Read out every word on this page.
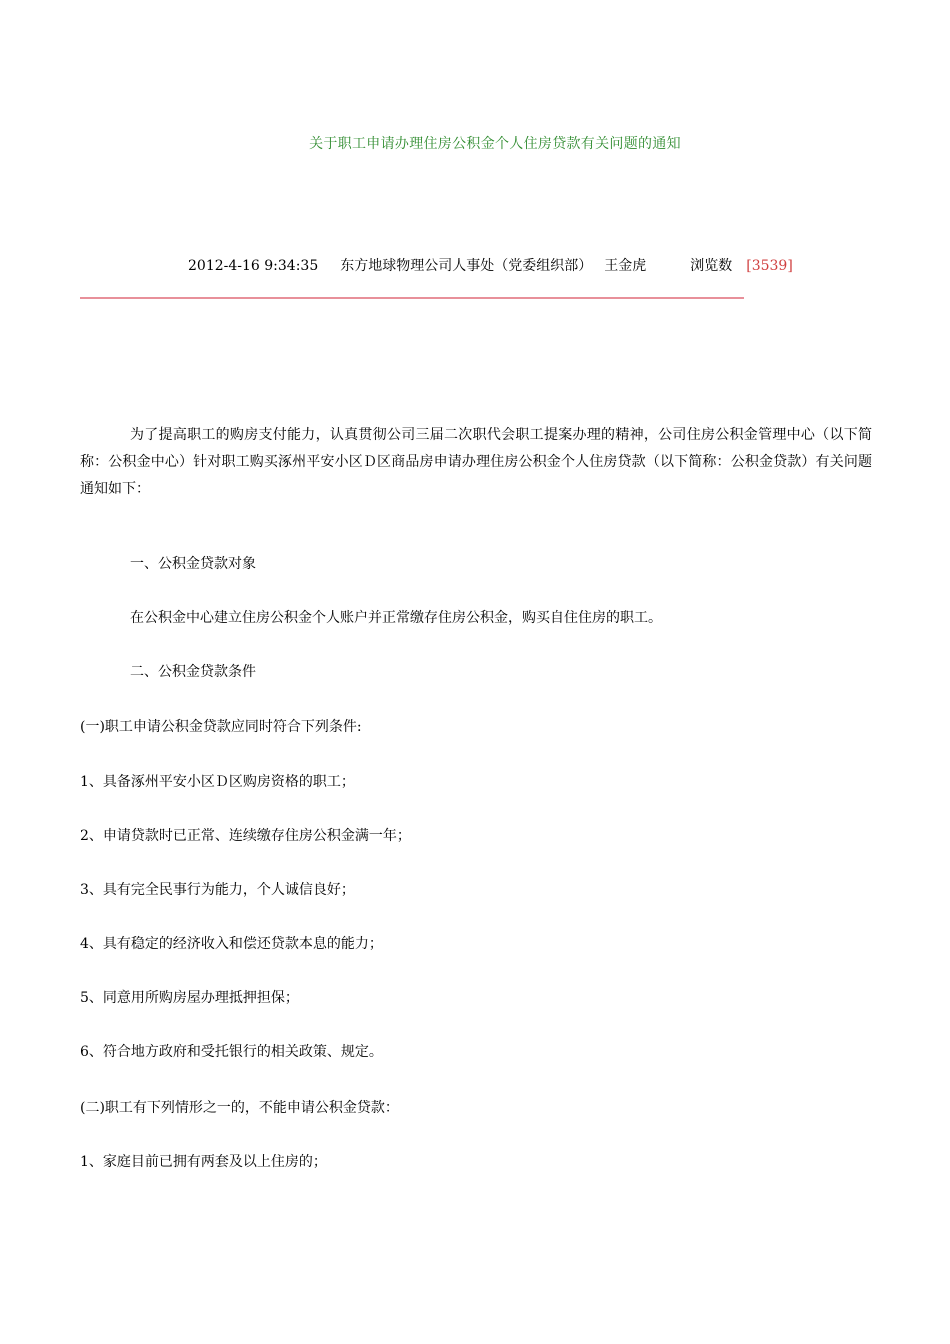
关于职工申请办理住房公积金个人住房贷款有关问题的通知
2012-4-16 9:34:35 东方地球物理公司人事处（党委组织部） 王金虎	浏览数 [3539]

为了提高职工的购房支付能力，认真贯彻公司三届二次职代会职工提案办理的精神，公司住房公积金管理中心（以下简称：公积金中心）针对职工购买涿州平安小区Ｄ区商品房申请办理住房公积金个人住房贷款（以下简称：公积金贷款）有关问题通知如下：

一、公积金贷款对象
在公积金中心建立住房公积金个人账户并正常缴存住房公积金，购买自住住房的职工。
二、公积金贷款条件
(一)职工申请公积金贷款应同时符合下列条件:
1、具备涿州平安小区Ｄ区购房资格的职工；
2、申请贷款时已正常、连续缴存住房公积金满一年；
3、具有完全民事行为能力，个人诚信良好；
4、具有稳定的经济收入和偿还贷款本息的能力；
5、同意用所购房屋办理抵押担保；
6、符合地方政府和受托银行的相关政策、规定。
(二)职工有下列情形之一的，不能申请公积金贷款：
1、家庭目前已拥有两套及以上住房的；
